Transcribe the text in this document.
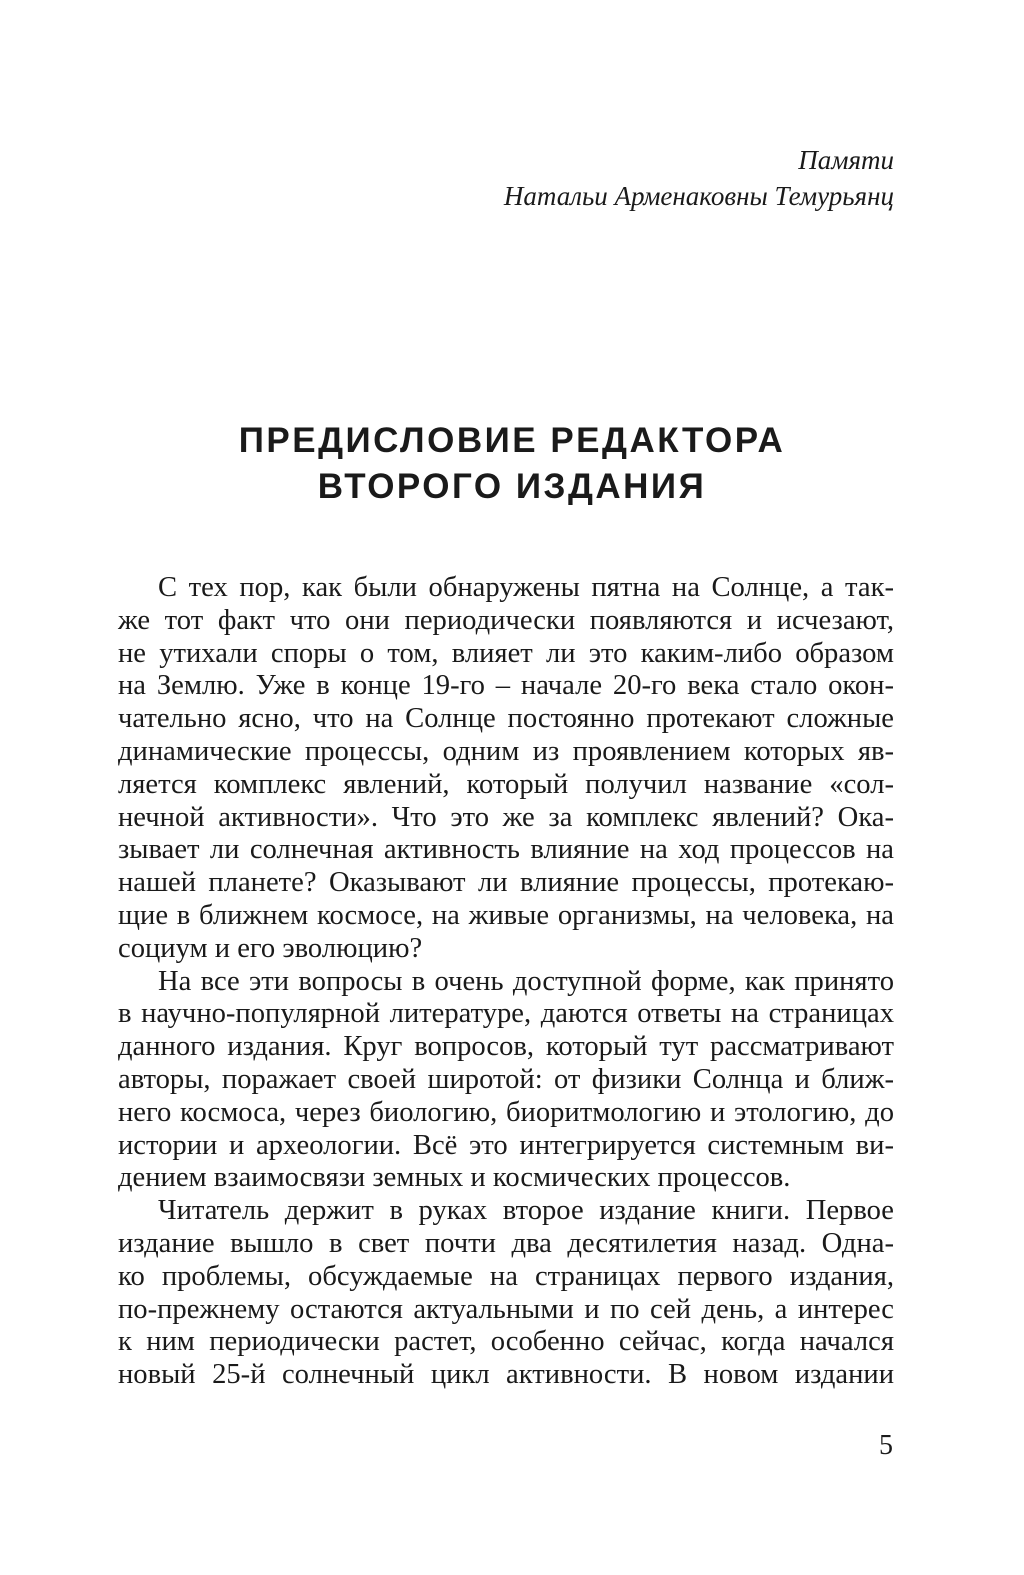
Памяти
Натальи Арменаковны Темурьянц
ПРЕДИСЛОВИЕ РЕДАКТОРА
ВТОРОГО ИЗДАНИЯ
С тех пор, как были обнаружены пятна на Солнце, а так-
же тот факт что они периодически появляются и исчезают,
не утихали споры о том, влияет ли это каким-либо образом
на Землю. Уже в конце 19-го – начале 20-го века стало окон-
чательно ясно, что на Солнце постоянно протекают сложные
динамические процессы, одним из проявлением которых яв-
ляется комплекс явлений, который получил название «сол-
нечной активности». Что это же за комплекс явлений? Ока-
зывает ли солнечная активность влияние на ход процессов на
нашей планете? Оказывают ли влияние процессы, протекаю-
щие в ближнем космосе, на живые организмы, на человека, на
социум и его эволюцию?
На все эти вопросы в очень доступной форме, как принято
в научно-популярной литературе, даются ответы на страницах
данного издания. Круг вопросов, который тут рассматривают
авторы, поражает своей широтой: от физики Солнца и ближ-
него космоса, через биологию, биоритмологию и этологию, до
истории и археологии. Всё это интегрируется системным ви-
дением взаимосвязи земных и космических процессов.
Читатель держит в руках второе издание книги. Первое
издание вышло в свет почти два десятилетия назад. Одна-
ко проблемы, обсуждаемые на страницах первого издания,
по-прежнему остаются актуальными и по сей день, а интерес
к ним периодически растет, особенно сейчас, когда начался
новый 25-й солнечный цикл активности. В новом издании
5
